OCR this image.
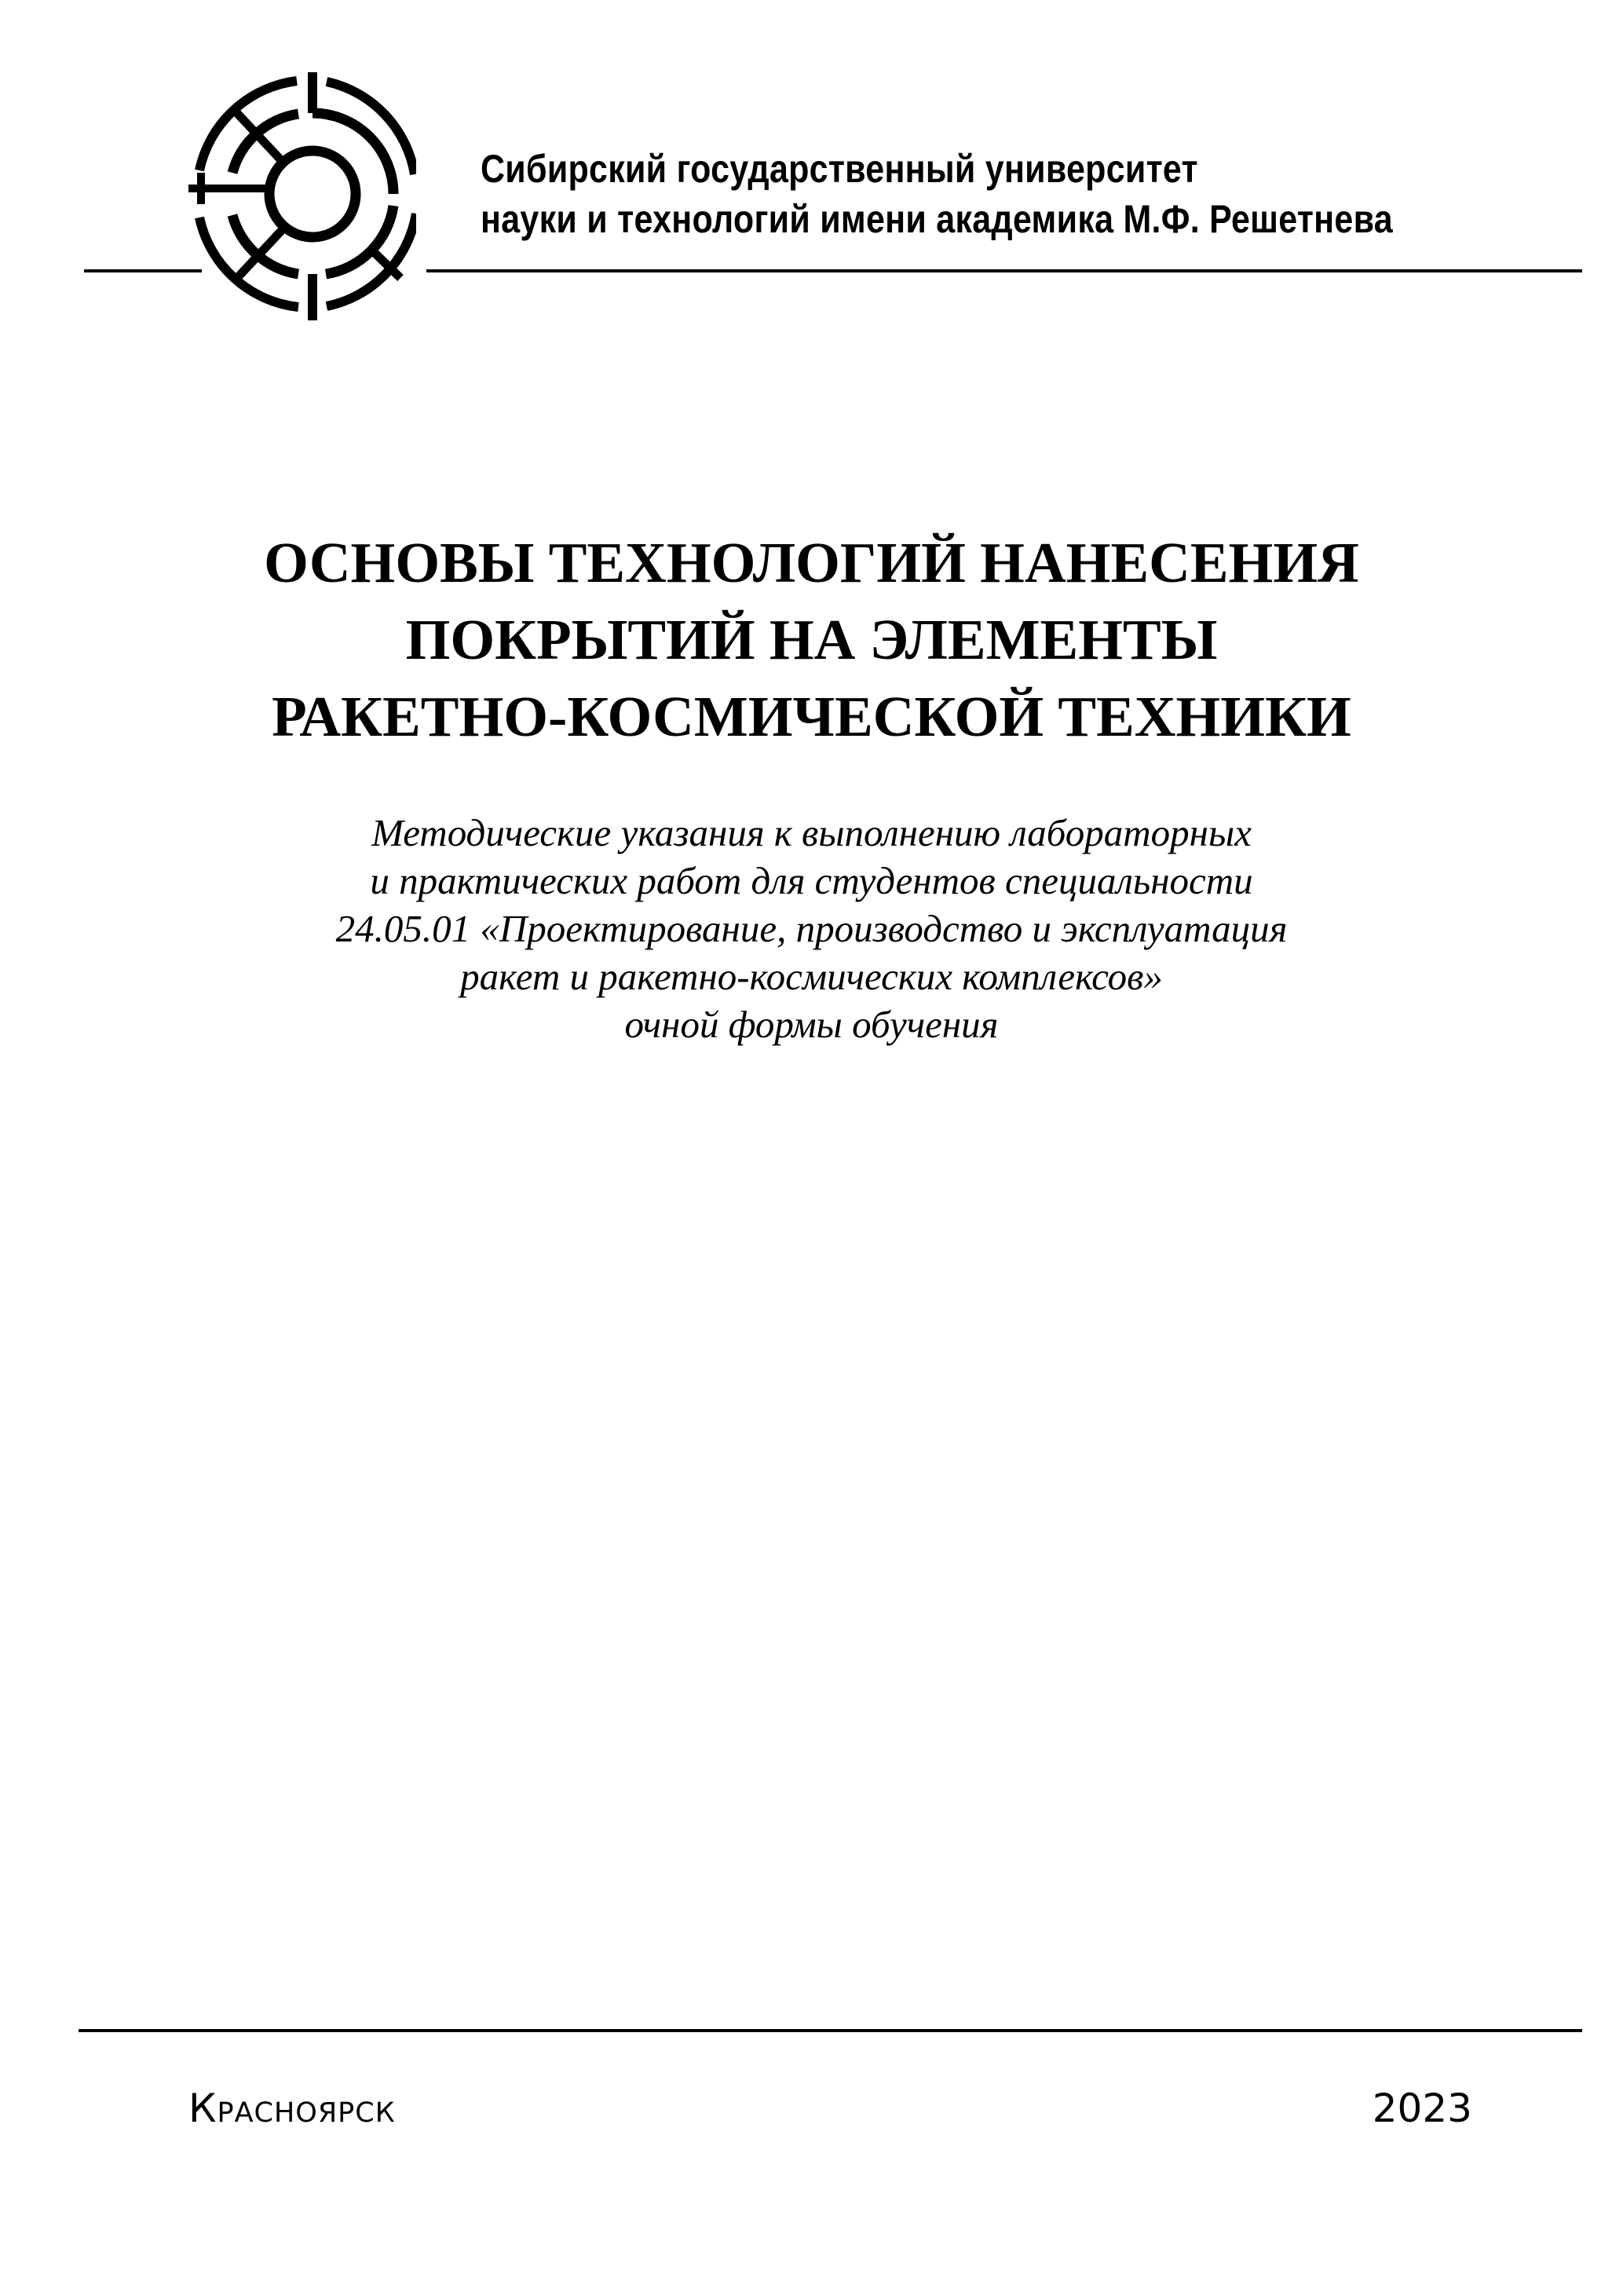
Сибирский государственный университет
науки и технологий имени академика М.Ф. Решетнева
ОСНОВЫ ТЕХНОЛОГИЙ НАНЕСЕНИЯ
ПОКРЫТИЙ НА ЭЛЕМЕНТЫ
РАКЕТНО-КОСМИЧЕСКОЙ ТЕХНИКИ
Методические указания к выполнению лабораторных
и практических работ для студентов специальности
24.05.01 «Проектирование, производство и эксплуатация
ракет и ракетно-космических комплексов»
очной формы обучения
Красноярск	2023
